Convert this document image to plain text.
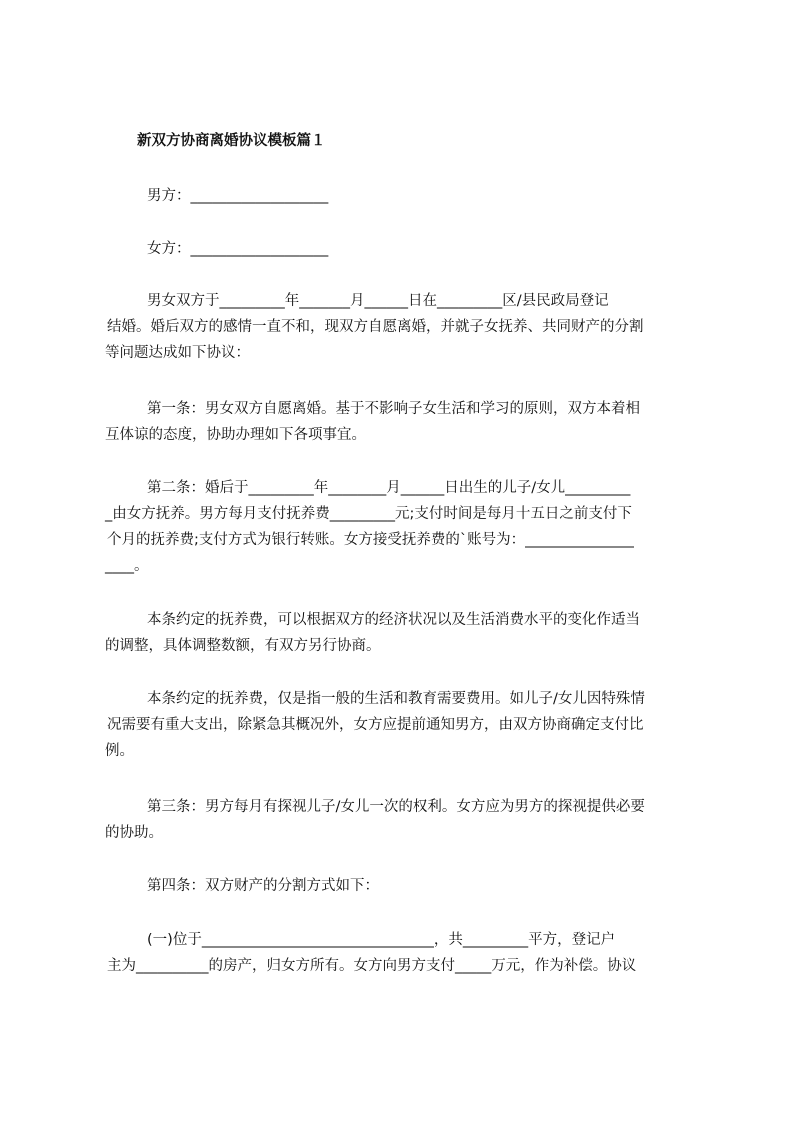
新双方协商离婚协议模板篇１
男方：___________________
女方：___________________
男女双方于_________年_______月______日在_________区/县民政局登记
结婚。婚后双方的感情一直不和，现双方自愿离婚，并就子女抚养、共同财产的分割
等问题达成如下协议：
第一条：男女双方自愿离婚。基于不影响子女生活和学习的原则，双方本着相
互体谅的态度，协助办理如下各项事宜。
第二条：婚后于_________年________月______日出生的儿子/女儿_________
_由女方抚养。男方每月支付抚养费_________元;支付时间是每月十五日之前支付下
个月的抚养费;支付方式为银行转账。女方接受抚养费的`账号为：_______________
____。
本条约定的抚养费，可以根据双方的经济状况以及生活消费水平的变化作适当
的调整，具体调整数额，有双方另行协商。
本条约定的抚养费，仅是指一般的生活和教育需要费用。如儿子/女儿因特殊情
况需要有重大支出，除紧急其概况外，女方应提前通知男方，由双方协商确定支付比
例。
第三条：男方每月有探视儿子/女儿一次的权利。女方应为男方的探视提供必要
的协助。
第四条：双方财产的分割方式如下：
(一)位于________________________________，共_________平方，登记户
主为__________的房产，归女方所有。女方向男方支付_____万元，作为补偿。协议
